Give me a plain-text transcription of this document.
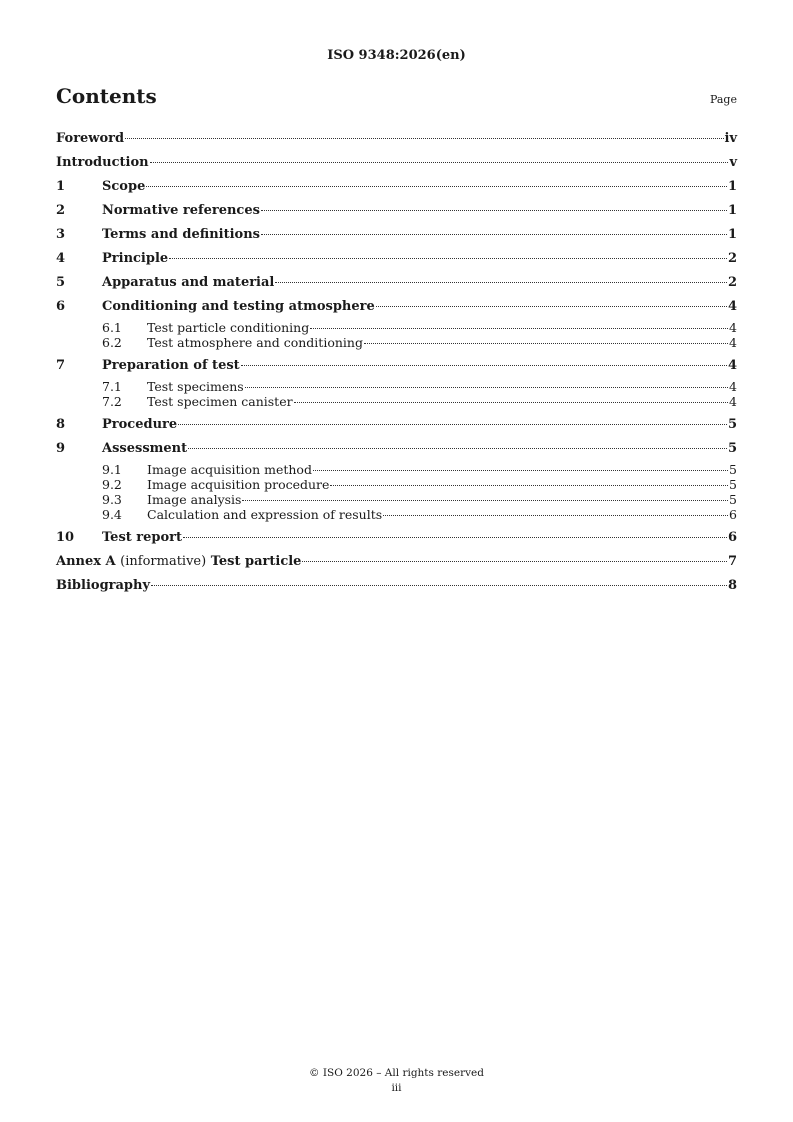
ISO 9348:2026(en)
Contents	Page
Foreword	iv
Introduction	v
1	Scope	1
2	Normative references	1
3	Terms and definitions	1
4	Principle	2
5	Apparatus and material	2
6	Conditioning and testing atmosphere	4
6.1	Test particle conditioning	4
6.2	Test atmosphere and conditioning	4
7	Preparation of test	4
7.1	Test specimens	4
7.2	Test specimen canister	4
8	Procedure	5
9	Assessment	5
9.1	Image acquisition method	5
9.2	Image acquisition procedure	5
9.3	Image analysis	5
9.4	Calculation and expression of results	6
10	Test report	6
Annex A (informative) Test particle	7
Bibliography	8
© ISO 2026 – All rights reserved
iii
